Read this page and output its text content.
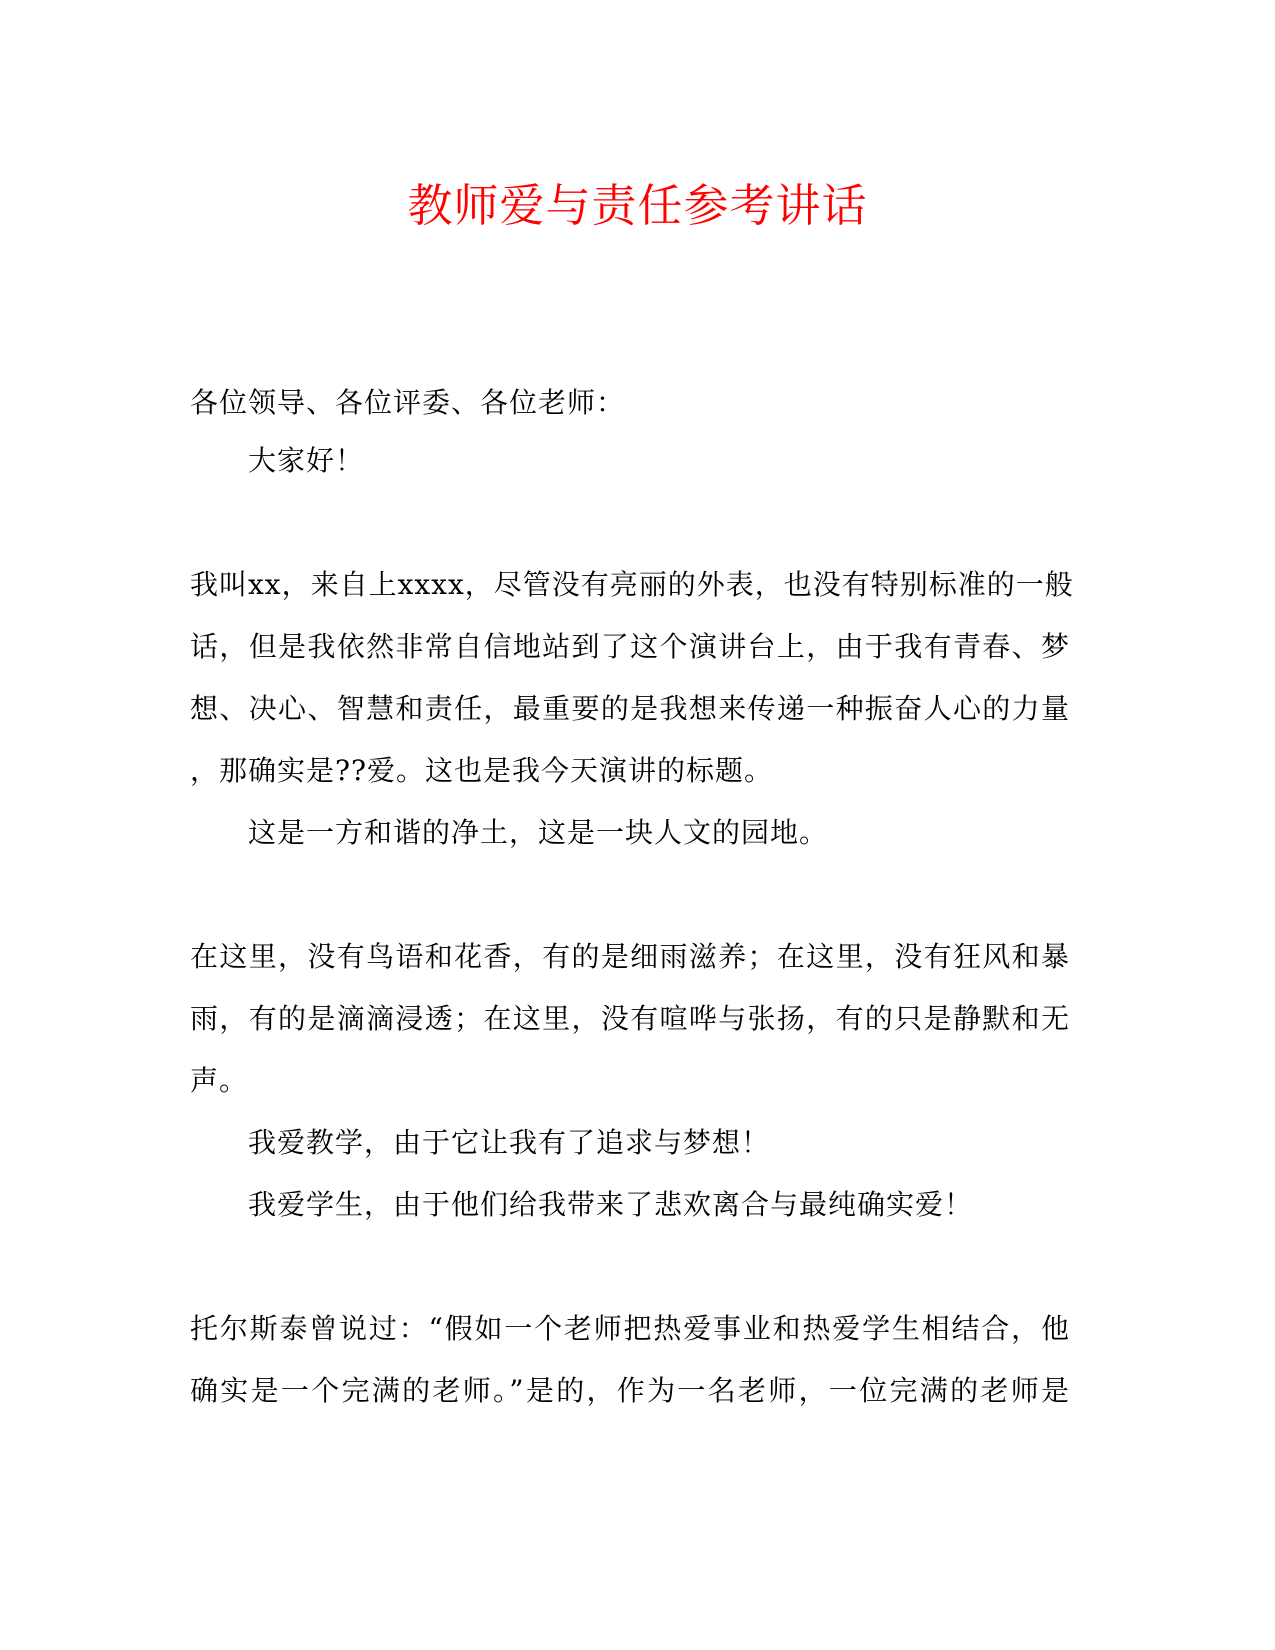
教师爱与责任参考讲话
各位领导、各位评委、各位老师：
大家好！
我叫xx，来自上xxxx，尽管没有亮丽的外表，也没有特别标准的一般
话，但是我依然非常自信地站到了这个演讲台上，由于我有青春、梦
想、决心、智慧和责任，最重要的是我想来传递一种振奋人心的力量
，那确实是??爱。这也是我今天演讲的标题。
这是一方和谐的净土，这是一块人文的园地。
在这里，没有鸟语和花香，有的是细雨滋养；在这里，没有狂风和暴
雨，有的是滴滴浸透；在这里，没有喧哗与张扬，有的只是静默和无
声。
我爱教学，由于它让我有了追求与梦想！
我爱学生，由于他们给我带来了悲欢离合与最纯确实爱！
托尔斯泰曾说过：“假如一个老师把热爱事业和热爱学生相结合，他
确实是一个完满的老师。”是的，作为一名老师，一位完满的老师是
